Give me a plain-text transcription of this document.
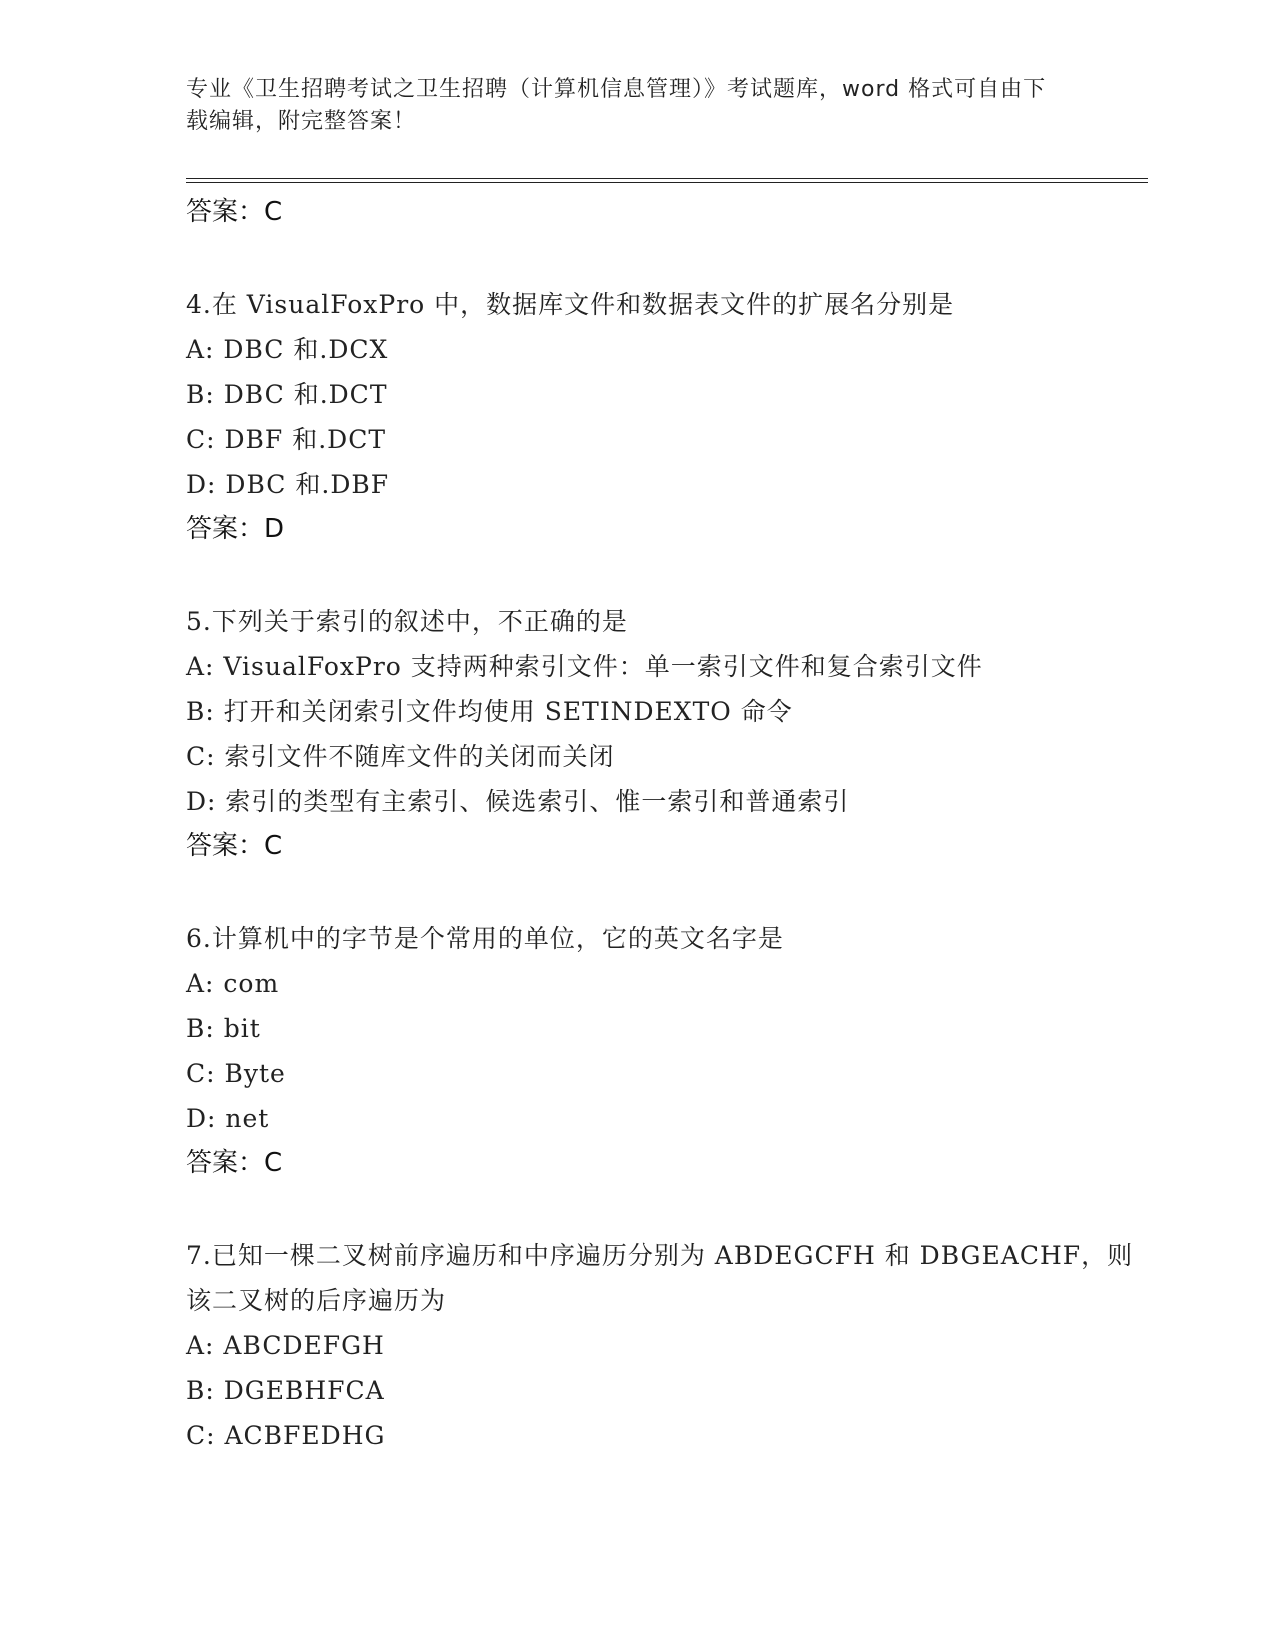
专业《卫生招聘考试之卫生招聘（计算机信息管理）》考试题库，word 格式可自由下载编辑，附完整答案！
答案：C
4.在 VisualFoxPro 中，数据库文件和数据表文件的扩展名分别是
A: DBC 和.DCX
B: DBC 和.DCT
C: DBF 和.DCT
D: DBC 和.DBF
答案：D
5.下列关于索引的叙述中，不正确的是
A: VisualFoxPro 支持两种索引文件：单一索引文件和复合索引文件
B: 打开和关闭索引文件均使用 SETINDEXTO 命令
C: 索引文件不随库文件的关闭而关闭
D: 索引的类型有主索引、候选索引、惟一索引和普通索引
答案：C
6.计算机中的字节是个常用的单位，它的英文名字是
A: com
B: bit
C: Byte
D: net
答案：C
7.已知一棵二叉树前序遍历和中序遍历分别为 ABDEGCFH 和 DBGEACHF，则该二叉树的后序遍历为
A: ABCDEFGH
B: DGEBHFCA
C: ACBFEDHG
